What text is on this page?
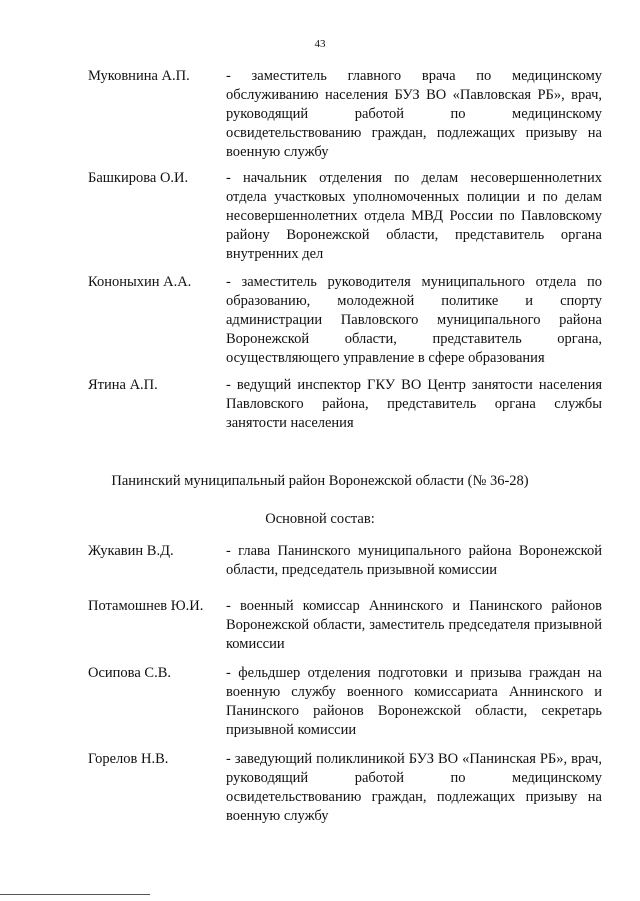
43
Муковнина А.П.	- заместитель главного врача по медицинскому обслуживанию населения БУЗ ВО «Павловская РБ», врач, руководящий работой по медицинскому освидетельствованию граждан, подлежащих призыву на военную службу
Башкирова О.И.	- начальник отделения по делам несовершеннолетних отдела участковых уполномоченных полиции и по делам несовершеннолетних отдела МВД России по Павловскому району Воронежской области, представитель органа внутренних дел
Кононыхин А.А. - заместитель руководителя муниципального отдела по образованию, молодежной политике и спорту администрации Павловского муниципального района Воронежской области, представитель органа, осуществляющего управление в сфере образования
Ятина А.П.	- ведущий инспектор ГКУ ВО Центр занятости населения Павловского района, представитель органа службы занятости населения
Панинский муниципальный район Воронежской области (№ 36-28)
Основной состав:
Жукавин В.Д.	- глава Панинского муниципального района Воронежской области, председатель призывной комиссии
Потамошнев Ю.И. - военный комиссар Аннинского и Панинского районов Воронежской области, заместитель председателя призывной комиссии
Осипова С.В.	- фельдшер отделения подготовки и призыва граждан на военную службу военного комиссариата Аннинского и Панинского районов Воронежской области, секретарь призывной комиссии
Горелов Н.В.	- заведующий поликлиникой БУЗ ВО «Панинская РБ», врач, руководящий работой по медицинскому освидетельствованию граждан, подлежащих призыву на военную службу
